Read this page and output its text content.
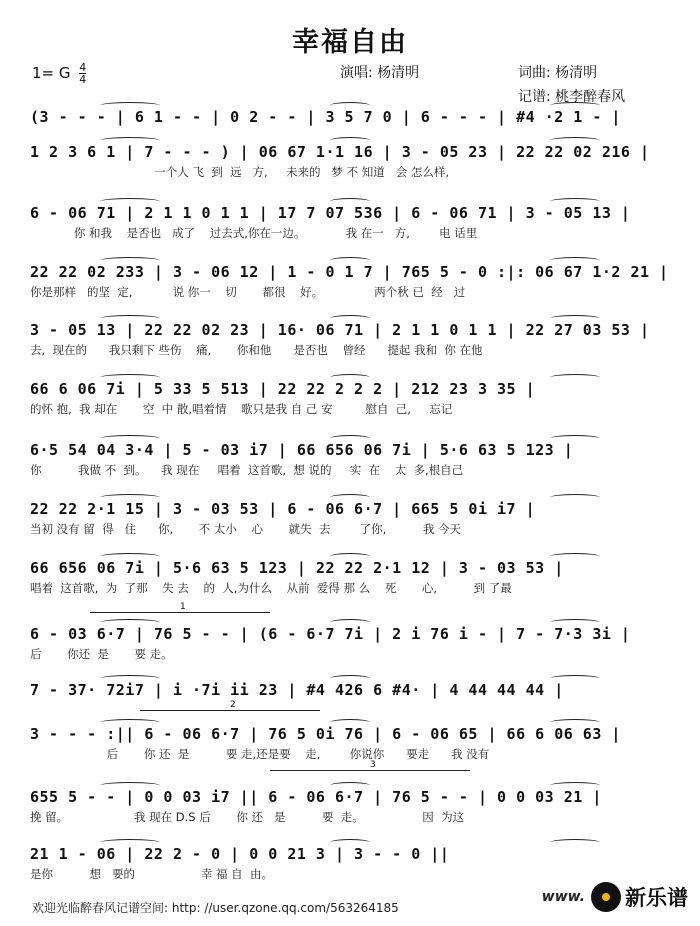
幸福自由
1= G $\frac{4}{4}$	演唱: 杨清明	词曲: 杨清明
记谱: 桃李醉春风
(3 - - - | 6 1 - - | 0 2 - - | 3 5 7 0 | 6 - - - | #4 ·2 1 - |
1 2 3 6 1 | 7 - - - ) | 06 67 1·1 16 | 3 - 05 23 | 22 22 02 216 |
一个人 飞  到  远   方,     未来的   梦 不 知道   会 怎么样,
6 - 06 71 | 2 1 1 0 1 1 | 17 7 07 536 | 6 - 06 71 | 3 - 05 13 |
你 和我    是否也   成了    过去式,你在一边。           我 在一   方,        电 话里
22 22 02 233 | 3 - 06 12 | 1 - 0 1 7 | 765 5 - 0 :|: 06 67 1·2 21 |
你是那样   的坚  定,           说 你一    切       都很    好。              两个秋 已  经   过
3 - 05 13 | 22 22 02 23 | 16· 06 71 | 2 1 1 0 1 1 | 22 27 03 53 |
去,  现在的      我只剩下 些伤    痛,       你和他      是否也    曾经      提起 我和  你 在他
66 6 06 7i | 5 33 5 513 | 22 22 2 2 2 | 212 23 3 35 |
的怀 抱,  我 却在       空  中 散,唱着情    歌只是我 自 己 安         慰自  己,     忘记
6·5 54 04 3·4 | 5 - 03 i7 | 66 656 06 7i | 5·6 63 5 123 |
你          我做 不  到。    我 现在     唱着  这首歌,  想 说的     实  在    太  多,根自己
22 22 2·1 15 | 3 - 03 53 | 6 - 06 6·7 | 665 5 0i i7 |
当初 没有 留  得   住      你,       不 太小    心       就失  去        了你,          我 今天
66 656 06 7i | 5·6 63 5 123 | 22 22 2·1 12 | 3 - 03 53 |
唱着  这首歌,  为  了那    失 去    的  人,为什么    从前  爱得 那 么    死       心,          到 了最
6 - 03 6·7 | 76 5 - - | (6 - 6·7 7i | 2 i 76 i - | 7 - 7·3 3i |
后       你还  是       要 走。
7 - 37· 72i7 | i ·7i ii 23 | #4 426 6 #4· | 4 44 44 44 |
3 - - - :|| 6 - 06 6·7 | 76 5 0i 76 | 6 - 06 65 | 66 6 06 63 |
后       你 还  是          要 走,还是要    走,        你说你      要走      我 没有
655 5 - - | 0 0 03 i7 || 6 - 06 6·7 | 76 5 - - | 0 0 03 21 |
挽 留。                  我 现在 D.S 后       你 还   是          要  走。                因  为这
21 1 - 06 | 22 2 - 0 | 0 0 21 3 | 3 - - 0 ||
是你          想   要的                  幸 福 自  由。
欢迎光临醉春风记谱空间: http: //user.qzone.qq.com/563264185
www. 新乐谱
1
2
3
